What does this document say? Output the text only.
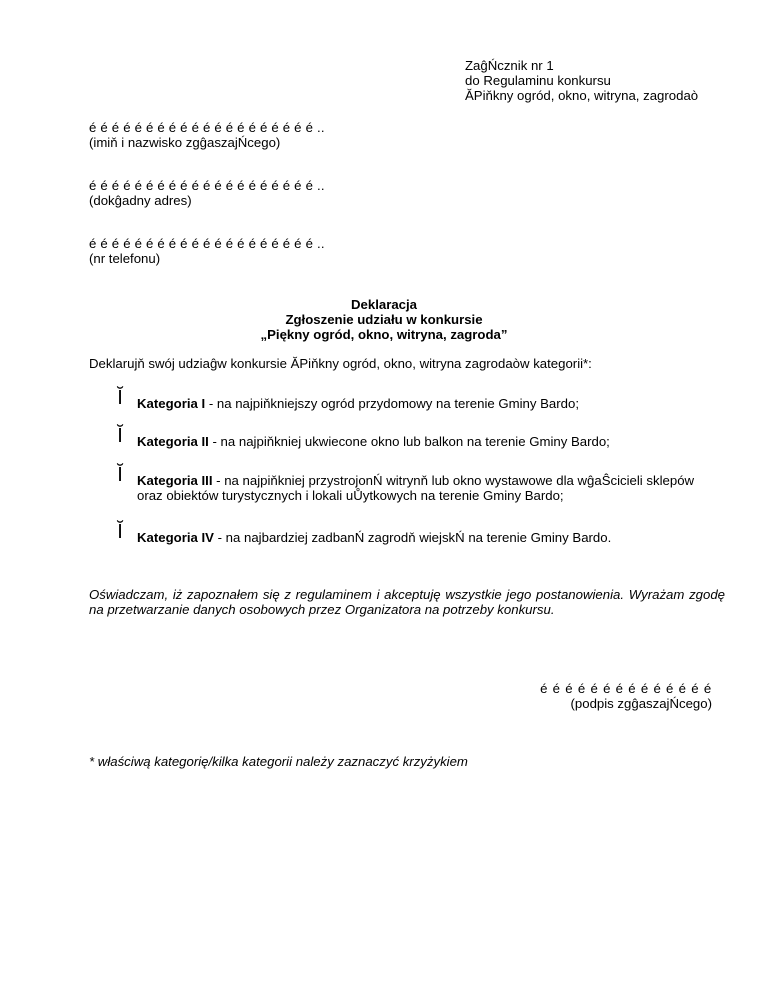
ZaĝŃcznik nr 1
do Regulaminu konkursu
ĂPiňkny ogród, okno, witryna, zagrodaò
é é é é é é é é é é é é é é é é é é é é ..
(imiň i nazwisko zgĝaszajŃcego)
é é é é é é é é é é é é é é é é é é é é ..
(dokĝadny adres)
é é é é é é é é é é é é é é é é é é é é ..
(nr telefonu)
Deklaracja
Zgłoszenie udziału w konkursie
„Piękny ogród, okno, witryna, zagroda”
Deklarujň swój udziaĝw konkursie ĂPiňkny ogród, okno, witryna zagrodaòw kategorii*:
Ĭ	Kategoria I - na najpiňkniejszy ogród przydomowy na terenie Gminy Bardo;
Ĭ	Kategoria II - na najpiňkniej ukwiecone okno lub balkon na terenie Gminy Bardo;
Ĭ	Kategoria III - na najpiňkniej przystrojonŃ witrynň lub okno wystawowe dla wĝaŜcicieli sklepów oraz obiektów turystycznych i lokali uŮytkowych na terenie Gminy Bardo;
Ĭ	Kategoria IV - na najbardziej zadbanŃ zagrodň wiejskŃ na terenie Gminy Bardo.
Oświadczam, iż zapoznałem się z regulaminem i akceptuję wszystkie jego postanowienia. Wyrażam zgodę na przetwarzanie danych osobowych przez Organizatora na potrzeby konkursu.
é é é é é é é é é é é é é é
(podpis zgĝaszajŃcego)
* właściwą kategorię/kilka kategorii należy zaznaczyć krzyżykiem
